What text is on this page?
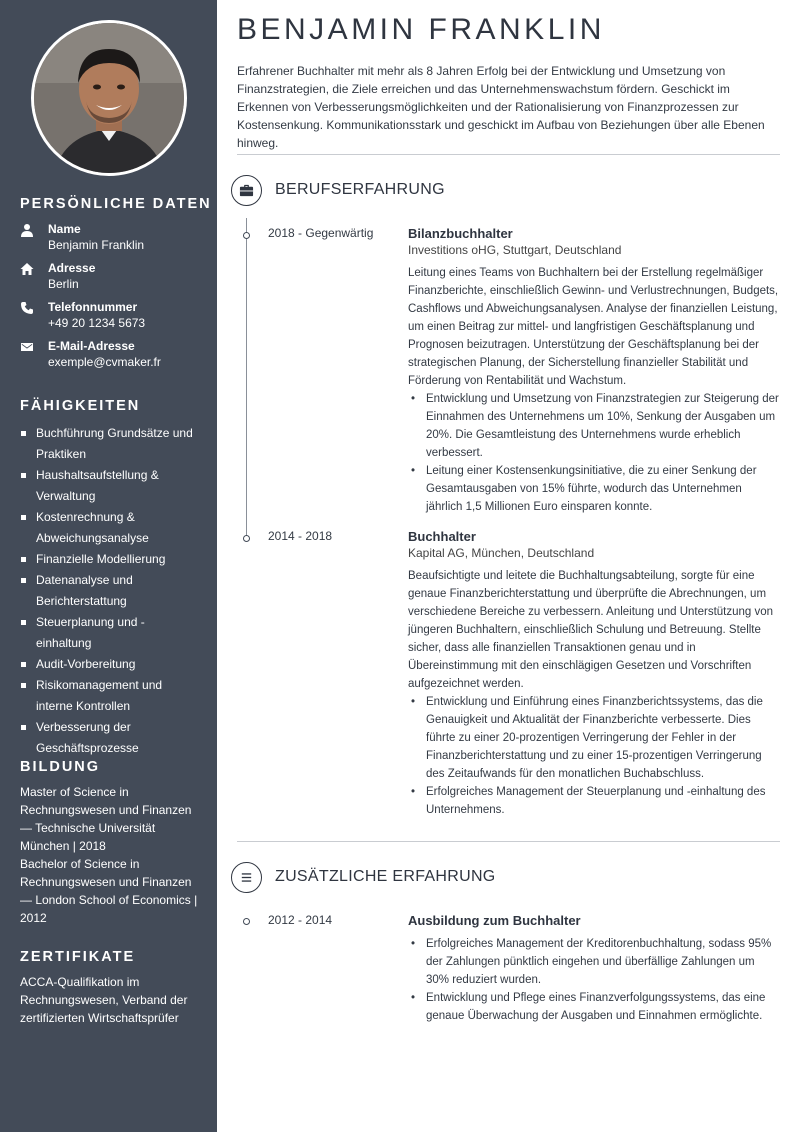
PERSÖNLICHE DATEN
Name
Benjamin Franklin
Adresse
Berlin
Telefonnummer
+49 20 1234 5673
E-Mail-Adresse
exemple@cvmaker.fr
FÄHIGKEITEN
Buchführung Grundsätze und Praktiken
Haushaltsaufstellung & Verwaltung
Kostenrechnung & Abweichungsanalyse
Finanzielle Modellierung
Datenanalyse und Berichterstattung
Steuerplanung und -einhaltung
Audit-Vorbereitung
Risikomanagement und interne Kontrollen
Verbesserung der Geschäftsprozesse
BILDUNG
Master of Science in Rechnungswesen und Finanzen — Technische Universität München | 2018
Bachelor of Science in Rechnungswesen und Finanzen — London School of Economics | 2012
ZERTIFIKATE
ACCA-Qualifikation im Rechnungswesen, Verband der zertifizierten Wirtschaftsprüfer
BENJAMIN FRANKLIN

Erfahrener Buchhalter mit mehr als 8 Jahren Erfolg bei der Entwicklung und Umsetzung von Finanzstrategien, die Ziele erreichen und das Unternehmenswachstum fördern. Geschickt im Erkennen von Verbesserungsmöglichkeiten und der Rationalisierung von Finanzprozessen zur Kostensenkung. Kommunikationsstark und geschickt im Aufbau von Beziehungen über alle Ebenen hinweg.

BERUFSERFAHRUNG
2018 - Gegenwärtig	Bilanzbuchhalter
Investitions oHG, Stuttgart, Deutschland
Leitung eines Teams von Buchhaltern bei der Erstellung regelmäßiger Finanzberichte, einschließlich Gewinn- und Verlustrechnungen, Budgets, Cashflows und Abweichungsanalysen. Analyse der finanziellen Leistung, um einen Beitrag zur mittel- und langfristigen Geschäftsplanung und Prognosen beizutragen. Unterstützung der Geschäftsplanung bei der strategischen Planung, der Sicherstellung finanzieller Stabilität und Förderung von Rentabilität und Wachstum.
• Entwicklung und Umsetzung von Finanzstrategien zur Steigerung der Einnahmen des Unternehmens um 10%, Senkung der Ausgaben um 20%. Die Gesamtleistung des Unternehmens wurde erheblich verbessert.
• Leitung einer Kostensenkungsinitiative, die zu einer Senkung der Gesamtausgaben von 15% führte, wodurch das Unternehmen jährlich 1,5 Millionen Euro einsparen konnte.
2014 - 2018	Buchhalter
Kapital AG, München, Deutschland
Beaufsichtigte und leitete die Buchhaltungsabteilung, sorgte für eine genaue Finanzberichterstattung und überprüfte die Abrechnungen, um verschiedene Bereiche zu verbessern. Anleitung und Unterstützung von jüngeren Buchhaltern, einschließlich Schulung und Betreuung. Stellte sicher, dass alle finanziellen Transaktionen genau und in Übereinstimmung mit den einschlägigen Gesetzen und Vorschriften aufgezeichnet werden.
• Entwicklung und Einführung eines Finanzberichtssystems, das die Genauigkeit und Aktualität der Finanzberichte verbesserte. Dies führte zu einer 20-prozentigen Verringerung der Fehler in der Finanzberichterstattung und zu einer 15-prozentigen Verringerung des Zeitaufwands für den monatlichen Buchabschluss.
• Erfolgreiches Management der Steuerplanung und -einhaltung des Unternehmens.
ZUSÄTZLICHE ERFAHRUNG
2012 - 2014	Ausbildung zum Buchhalter
• Erfolgreiches Management der Kreditorenbuchhaltung, sodass 95% der Zahlungen pünktlich eingehen und überfällige Zahlungen um 30% reduziert wurden.
• Entwicklung und Pflege eines Finanzverfolgungssystems, das eine genaue Überwachung der Ausgaben und Einnahmen ermöglichte.
